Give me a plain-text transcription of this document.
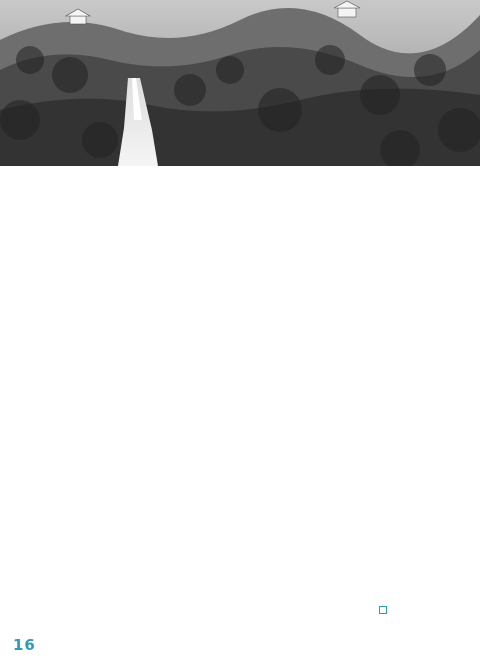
16
